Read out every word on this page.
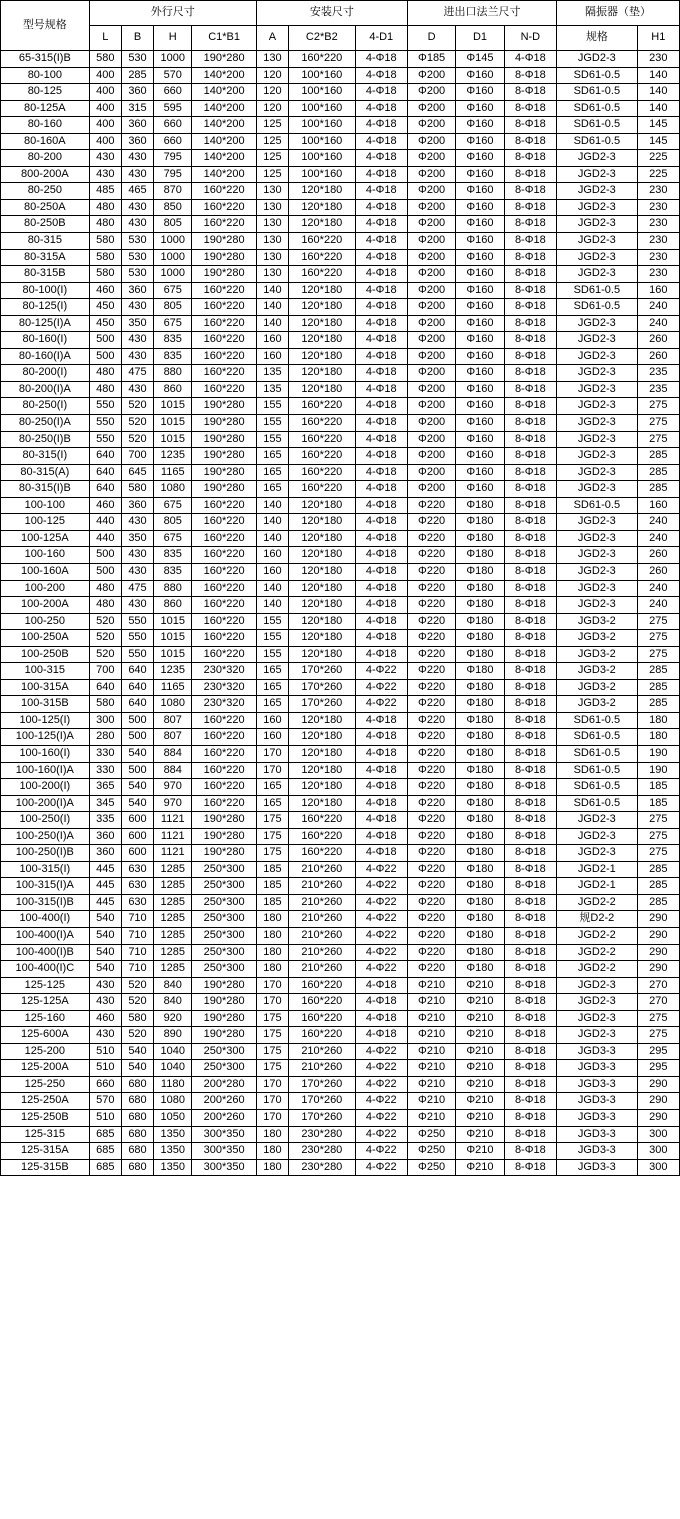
型号规格	外行尺寸				安装尺寸			进出口法兰尺寸			隔振器（垫）	
	L	B	H	C1*B1	A	C2*B2	4-D1	D	D1	N-D	规格	H1
65-315(I)B	580	530	1000	190*280	130	160*220	4-Φ18	Φ185	Φ145	4-Φ18	JGD2-3	230
80-100	400	285	570	140*200	120	100*160	4-Φ18	Φ200	Φ160	8-Φ18	SD61-0.5	140
80-125	400	360	660	140*200	120	100*160	4-Φ18	Φ200	Φ160	8-Φ18	SD61-0.5	140
80-125A	400	315	595	140*200	120	100*160	4-Φ18	Φ200	Φ160	8-Φ18	SD61-0.5	140
80-160	400	360	660	140*200	125	100*160	4-Φ18	Φ200	Φ160	8-Φ18	SD61-0.5	145
80-160A	400	360	660	140*200	125	100*160	4-Φ18	Φ200	Φ160	8-Φ18	SD61-0.5	145
80-200	430	430	795	140*200	125	100*160	4-Φ18	Φ200	Φ160	8-Φ18	JGD2-3	225
800-200A	430	430	795	140*200	125	100*160	4-Φ18	Φ200	Φ160	8-Φ18	JGD2-3	225
80-250	485	465	870	160*220	130	120*180	4-Φ18	Φ200	Φ160	8-Φ18	JGD2-3	230
80-250A	480	430	850	160*220	130	120*180	4-Φ18	Φ200	Φ160	8-Φ18	JGD2-3	230
80-250B	480	430	805	160*220	130	120*180	4-Φ18	Φ200	Φ160	8-Φ18	JGD2-3	230
80-315	580	530	1000	190*280	130	160*220	4-Φ18	Φ200	Φ160	8-Φ18	JGD2-3	230
80-315A	580	530	1000	190*280	130	160*220	4-Φ18	Φ200	Φ160	8-Φ18	JGD2-3	230
80-315B	580	530	1000	190*280	130	160*220	4-Φ18	Φ200	Φ160	8-Φ18	JGD2-3	230
80-100(I)	460	360	675	160*220	140	120*180	4-Φ18	Φ200	Φ160	8-Φ18	SD61-0.5	160
80-125(I)	450	430	805	160*220	140	120*180	4-Φ18	Φ200	Φ160	8-Φ18	SD61-0.5	240
80-125(I)A	450	350	675	160*220	140	120*180	4-Φ18	Φ200	Φ160	8-Φ18	JGD2-3	240
80-160(I)	500	430	835	160*220	160	120*180	4-Φ18	Φ200	Φ160	8-Φ18	JGD2-3	260
80-160(I)A	500	430	835	160*220	160	120*180	4-Φ18	Φ200	Φ160	8-Φ18	JGD2-3	260
80-200(I)	480	475	880	160*220	135	120*180	4-Φ18	Φ200	Φ160	8-Φ18	JGD2-3	235
80-200(I)A	480	430	860	160*220	135	120*180	4-Φ18	Φ200	Φ160	8-Φ18	JGD2-3	235
80-250(I)	550	520	1015	190*280	155	160*220	4-Φ18	Φ200	Φ160	8-Φ18	JGD2-3	275
80-250(I)A	550	520	1015	190*280	155	160*220	4-Φ18	Φ200	Φ160	8-Φ18	JGD2-3	275
80-250(I)B	550	520	1015	190*280	155	160*220	4-Φ18	Φ200	Φ160	8-Φ18	JGD2-3	275
80-315(I)	640	700	1235	190*280	165	160*220	4-Φ18	Φ200	Φ160	8-Φ18	JGD2-3	285
80-315(A)	640	645	1165	190*280	165	160*220	4-Φ18	Φ200	Φ160	8-Φ18	JGD2-3	285
80-315(I)B	640	580	1080	190*280	165	160*220	4-Φ18	Φ200	Φ160	8-Φ18	JGD2-3	285
100-100	460	360	675	160*220	140	120*180	4-Φ18	Φ220	Φ180	8-Φ18	SD61-0.5	160
100-125	440	430	805	160*220	140	120*180	4-Φ18	Φ220	Φ180	8-Φ18	JGD2-3	240
100-125A	440	350	675	160*220	140	120*180	4-Φ18	Φ220	Φ180	8-Φ18	JGD2-3	240
100-160	500	430	835	160*220	160	120*180	4-Φ18	Φ220	Φ180	8-Φ18	JGD2-3	260
100-160A	500	430	835	160*220	160	120*180	4-Φ18	Φ220	Φ180	8-Φ18	JGD2-3	260
100-200	480	475	880	160*220	140	120*180	4-Φ18	Φ220	Φ180	8-Φ18	JGD2-3	240
100-200A	480	430	860	160*220	140	120*180	4-Φ18	Φ220	Φ180	8-Φ18	JGD2-3	240
100-250	520	550	1015	160*220	155	120*180	4-Φ18	Φ220	Φ180	8-Φ18	JGD3-2	275
100-250A	520	550	1015	160*220	155	120*180	4-Φ18	Φ220	Φ180	8-Φ18	JGD3-2	275
100-250B	520	550	1015	160*220	155	120*180	4-Φ18	Φ220	Φ180	8-Φ18	JGD3-2	275
100-315	700	640	1235	230*320	165	170*260	4-Φ22	Φ220	Φ180	8-Φ18	JGD3-2	285
100-315A	640	640	1165	230*320	165	170*260	4-Φ22	Φ220	Φ180	8-Φ18	JGD3-2	285
100-315B	580	640	1080	230*320	165	170*260	4-Φ22	Φ220	Φ180	8-Φ18	JGD3-2	285
100-125(I)	300	500	807	160*220	160	120*180	4-Φ18	Φ220	Φ180	8-Φ18	SD61-0.5	180
100-125(I)A	280	500	807	160*220	160	120*180	4-Φ18	Φ220	Φ180	8-Φ18	SD61-0.5	180
100-160(I)	330	540	884	160*220	170	120*180	4-Φ18	Φ220	Φ180	8-Φ18	SD61-0.5	190
100-160(I)A	330	500	884	160*220	170	120*180	4-Φ18	Φ220	Φ180	8-Φ18	SD61-0.5	190
100-200(I)	365	540	970	160*220	165	120*180	4-Φ18	Φ220	Φ180	8-Φ18	SD61-0.5	185
100-200(I)A	345	540	970	160*220	165	120*180	4-Φ18	Φ220	Φ180	8-Φ18	SD61-0.5	185
100-250(I)	335	600	1121	190*280	175	160*220	4-Φ18	Φ220	Φ180	8-Φ18	JGD2-3	275
100-250(I)A	360	600	1121	190*280	175	160*220	4-Φ18	Φ220	Φ180	8-Φ18	JGD2-3	275
100-250(I)B	360	600	1121	190*280	175	160*220	4-Φ18	Φ220	Φ180	8-Φ18	JGD2-3	275
100-315(I)	445	630	1285	250*300	185	210*260	4-Φ22	Φ220	Φ180	8-Φ18	JGD2-1	285
100-315(I)A	445	630	1285	250*300	185	210*260	4-Φ22	Φ220	Φ180	8-Φ18	JGD2-1	285
100-315(I)B	445	630	1285	250*300	185	210*260	4-Φ22	Φ220	Φ180	8-Φ18	JGD2-2	285
100-400(I)	540	710	1285	250*300	180	210*260	4-Φ22	Φ220	Φ180	8-Φ18	规D2-2	290
100-400(I)A	540	710	1285	250*300	180	210*260	4-Φ22	Φ220	Φ180	8-Φ18	JGD2-2	290
100-400(I)B	540	710	1285	250*300	180	210*260	4-Φ22	Φ220	Φ180	8-Φ18	JGD2-2	290
100-400(I)C	540	710	1285	250*300	180	210*260	4-Φ22	Φ220	Φ180	8-Φ18	JGD2-2	290
125-125	430	520	840	190*280	170	160*220	4-Φ18	Φ210	Φ210	8-Φ18	JGD2-3	270
125-125A	430	520	840	190*280	170	160*220	4-Φ18	Φ210	Φ210	8-Φ18	JGD2-3	270
125-160	460	580	920	190*280	175	160*220	4-Φ18	Φ210	Φ210	8-Φ18	JGD2-3	275
125-600A	430	520	890	190*280	175	160*220	4-Φ18	Φ210	Φ210	8-Φ18	JGD2-3	275
125-200	510	540	1040	250*300	175	210*260	4-Φ22	Φ210	Φ210	8-Φ18	JGD3-3	295
125-200A	510	540	1040	250*300	175	210*260	4-Φ22	Φ210	Φ210	8-Φ18	JGD3-3	295
125-250	660	680	1180	200*280	170	170*260	4-Φ22	Φ210	Φ210	8-Φ18	JGD3-3	290
125-250A	570	680	1080	200*260	170	170*260	4-Φ22	Φ210	Φ210	8-Φ18	JGD3-3	290
125-250B	510	680	1050	200*260	170	170*260	4-Φ22	Φ210	Φ210	8-Φ18	JGD3-3	290
125-315	685	680	1350	300*350	180	230*280	4-Φ22	Φ250	Φ210	8-Φ18	JGD3-3	300
125-315A	685	680	1350	300*350	180	230*280	4-Φ22	Φ250	Φ210	8-Φ18	JGD3-3	300
125-315B	685	680	1350	300*350	180	230*280	4-Φ22	Φ250	Φ210	8-Φ18	JGD3-3	300
